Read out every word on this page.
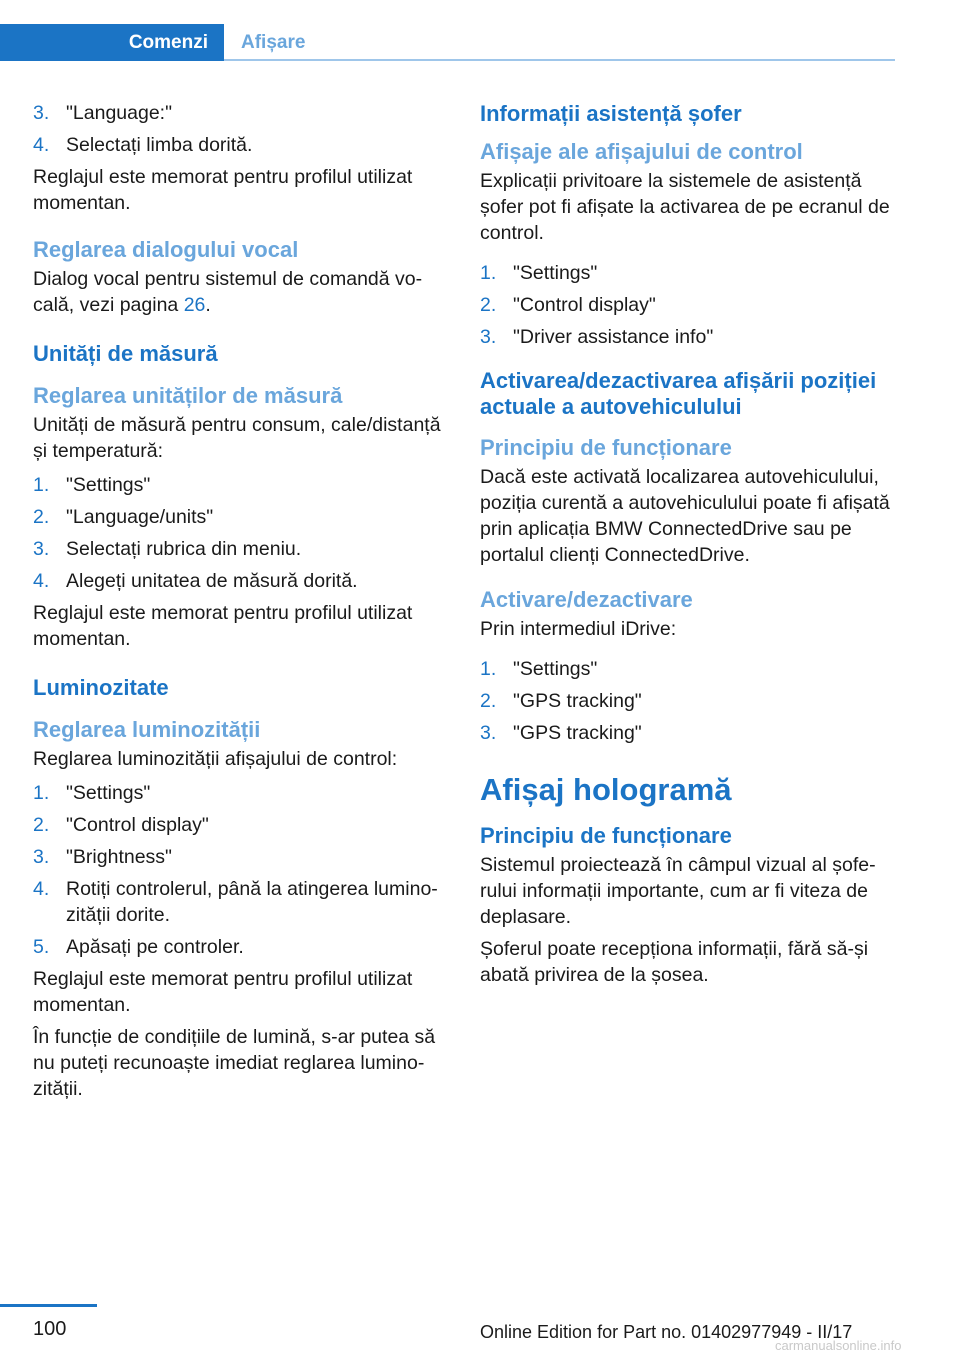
Comenzi	Afișare
3. "Language:"
4. Selectați limba dorită.

Reglajul este memorat pentru profilul utilizat momentan.

Reglarea dialogului vocal

Dialog vocal pentru sistemul de comandă vocală, vezi pagina 26.

Unități de măsură
Reglarea unităților de măsură

Unități de măsură pentru consum, cale/distanță și temperatură:

1. "Settings"
2. "Language/units"
3. Selectați rubrica din meniu.
4. Alegeți unitatea de măsură dorită.

Reglajul este memorat pentru profilul utilizat momentan.

Luminozitate
Reglarea luminozității

Reglarea luminozității afișajului de control:

1. "Settings"
2. "Control display"
3. "Brightness"
4. Rotiți controlerul, până la atingerea luminozității dorite.
5. Apăsați pe controler.

Reglajul este memorat pentru profilul utilizat momentan.

În funcție de condițiile de lumină, s-ar putea să nu puteți recunoaște imediat reglarea luminozității.

Informații asistență șofer
Afișaje ale afișajului de control

Explicații privitoare la sistemele de asistență șofer pot fi afișate la activarea de pe ecranul de control.

1. "Settings"
2. "Control display"
3. "Driver assistance info"
Activarea/dezactivarea afișării poziției actuale a autovehiculului
Principiu de funcționare

Dacă este activată localizarea autovehiculului, poziția curentă a autovehiculului poate fi afișată prin aplicația BMW ConnectedDrive sau pe portalul clienți ConnectedDrive.

Activare/dezactivare

Prin intermediul iDrive:

1. "Settings"
2. "GPS tracking"
3. "GPS tracking"
Afișaj hologramă
Principiu de funcționare

Sistemul proiectează în câmpul vizual al șoferului informații importante, cum ar fi viteza de deplasare.

Șoferul poate recepționa informații, fără să-și abată privirea de la șosea.

100	Online Edition for Part no. 01402977949 - II/17
carmanualsonline.info
